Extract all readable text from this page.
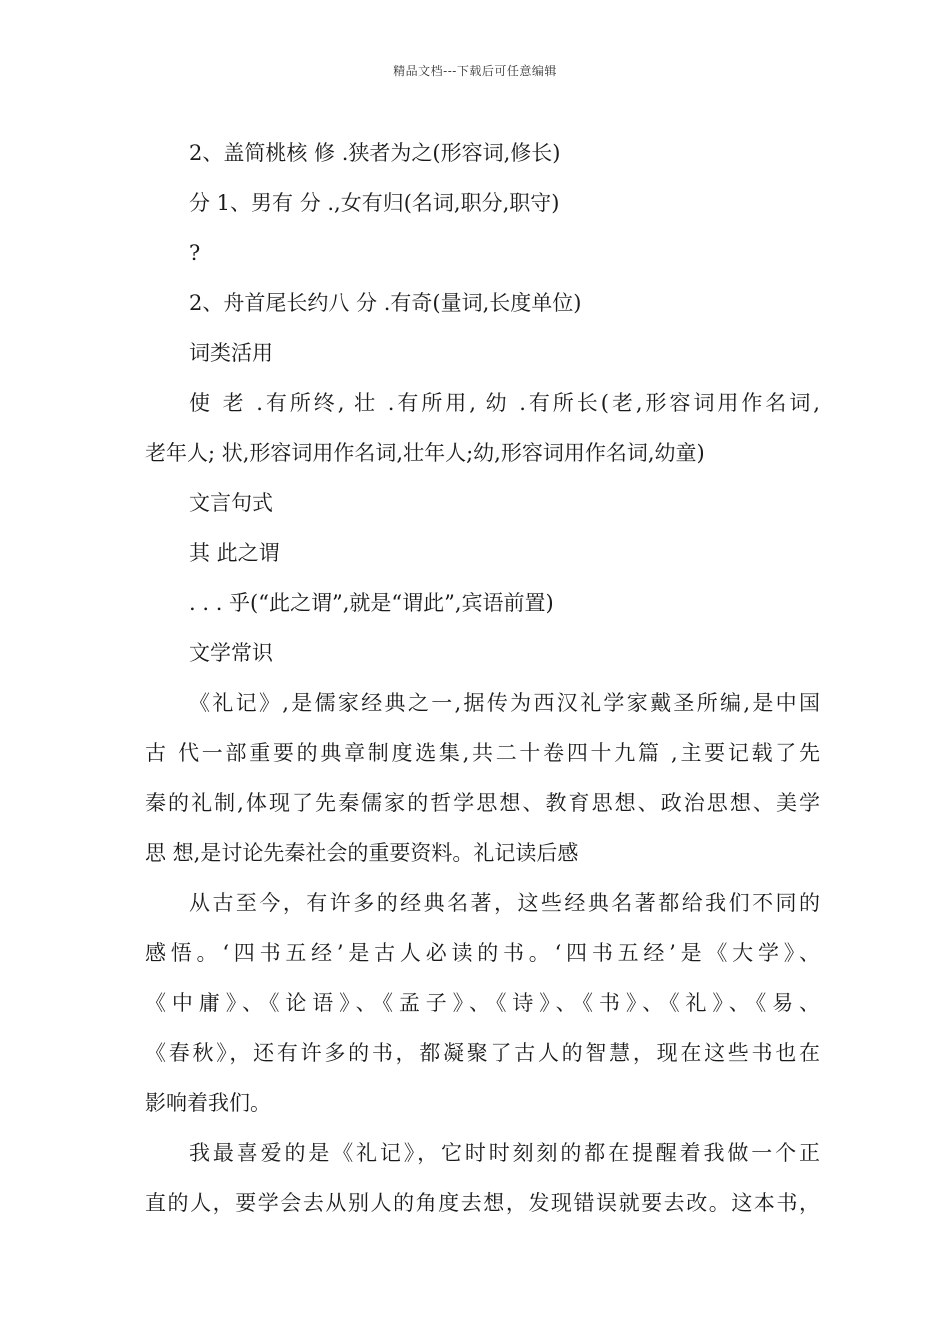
精品文档---下载后可任意编辑
2、盖简桃核 修 .狭者为之(形容词,修长)
分 1、男有 分 .,女有归(名词,职分,职守)
?
2、舟首尾长约八 分 .有奇(量词,长度单位)
词类活用
使 老 .有所终, 壮 .有所用, 幼 .有所长(老,形容词用作名词,
老年人; 状,形容词用作名词,壮年人;幼,形容词用作名词,幼童)
文言句式
其 此之谓
. . . 乎(“此之谓”,就是“谓此”,宾语前置)
文学常识
《礼记》,是儒家经典之一,据传为西汉礼学家戴圣所编,是中国
古 代一部重要的典章制度选集,共二十卷四十九篇 ,主要记载了先
秦的礼制,体现了先秦儒家的哲学思想、教育思想、政治思想、美学
思 想,是讨论先秦社会的重要资料。礼记读后感
从古至今，有许多的经典名著，这些经典名著都给我们不同的
感悟。‘四书五经’是古人必读的书。‘四书五经’是《大学》、
《中庸》、《论语》、《孟子》、《诗》、《书》、《礼》、《易、
《春秋》，还有许多的书，都凝聚了古人的智慧，现在这些书也在
影响着我们。
我最喜爱的是《礼记》，它时时刻刻的都在提醒着我做一个正
直的人，要学会去从别人的角度去想，发现错误就要去改。这本书，
